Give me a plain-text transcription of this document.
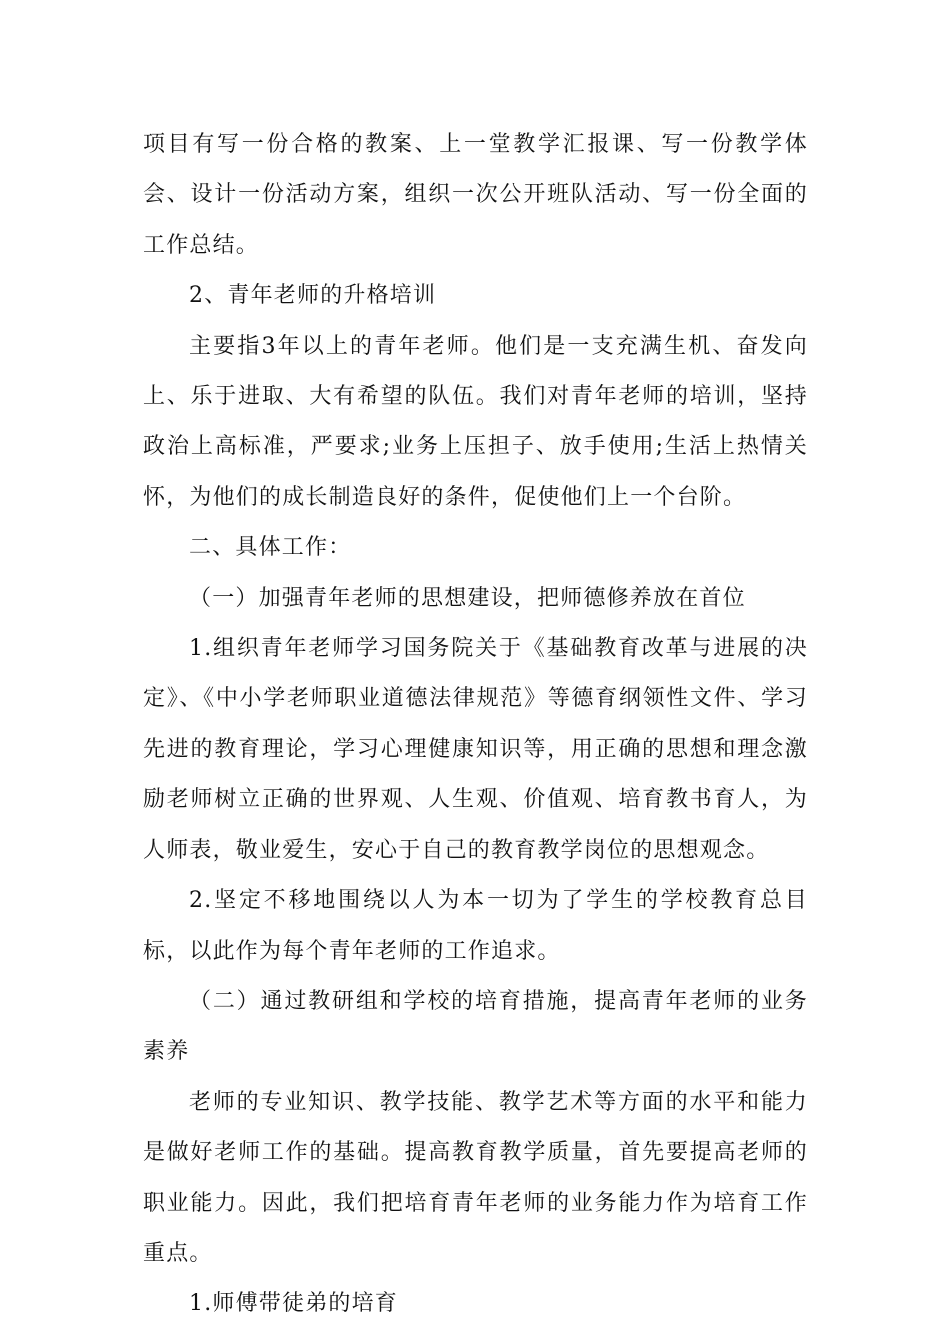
项目有写一份合格的教案、上一堂教学汇报课、写一份教学体会、设计一份活动方案，组织一次公开班队活动、写一份全面的工作总结。

2、青年老师的升格培训

主要指3年以上的青年老师。他们是一支充满生机、奋发向上、乐于进取、大有希望的队伍。我们对青年老师的培训，坚持政治上高标准，严要求;业务上压担子、放手使用;生活上热情关怀，为他们的成长制造良好的条件，促使他们上一个台阶。

二、具体工作：

（一）加强青年老师的思想建设，把师德修养放在首位

1.组织青年老师学习国务院关于《基础教育改革与进展的决定》、《中小学老师职业道德法律规范》等德育纲领性文件、学习先进的教育理论，学习心理健康知识等，用正确的思想和理念激励老师树立正确的世界观、人生观、价值观、培育教书育人，为人师表，敬业爱生，安心于自己的教育教学岗位的思想观念。

2.坚定不移地围绕以人为本一切为了学生的学校教育总目标，以此作为每个青年老师的工作追求。

（二）通过教研组和学校的培育措施，提高青年老师的业务素养

老师的专业知识、教学技能、教学艺术等方面的水平和能力是做好老师工作的基础。提高教育教学质量，首先要提高老师的职业能力。因此，我们把培育青年老师的业务能力作为培育工作重点。

1.师傅带徒弟的培育
